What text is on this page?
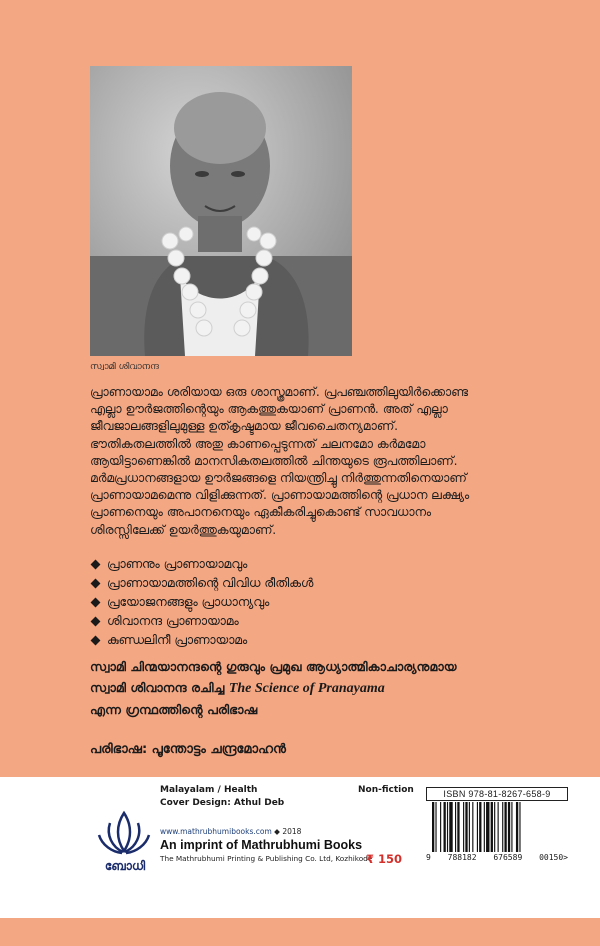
സ്വാമി ശിവാനന്ദ

പ്രാണായാമം ശരിയായ ഒരു ശാസ്ത്രമാണ്. പ്രപഞ്ചത്തിലുയിർക്കൊണ്ട

എല്ലാ ഊർജത്തിന്റെയും ആകത്തുകയാണ് പ്രാണൻ. അത് എല്ലാ

ജീവജാലങ്ങളിലുമുള്ള ഉത്കൃഷ്ടമായ ജീവചൈതന്യമാണ്.

ഭൗതികതലത്തിൽ അതു കാണപ്പെടുന്നത് ചലനമോ കർമമോ

ആയിട്ടാണെങ്കിൽ മാനസികതലത്തിൽ ചിന്തയുടെ രൂപത്തിലാണ്.

മർമപ്രധാനങ്ങളായ ഊർജങ്ങളെ നിയന്ത്രിച്ചു നിർത്തുന്നതിനെയാണ്

പ്രാണായാമമെന്നു വിളിക്കുന്നത്. പ്രാണായാമത്തിന്റെ പ്രധാന ലക്ഷ്യം

പ്രാണനെയും അപാനനെയും ഏകീകരിച്ചുകൊണ്ട് സാവധാനം

ശിരസ്സിലേക്ക് ഉയർത്തുകയുമാണ്.

പ്രാണനും പ്രാണായാമവും
പ്രാണായാമത്തിന്റെ വിവിധ രീതികൾ
പ്രയോജനങ്ങളും പ്രാധാന്യവും
ശിവാനന്ദ പ്രാണായാമം
കുണ്ഡലിനീ പ്രാണായാമം

സ്വാമി ചിന്മയാനന്ദന്റെ ഗുരുവും പ്രമുഖ ആധ്യാത്മികാചാര്യനുമായ

സ്വാമി ശിവാനന്ദ രചിച്ച The Science of Pranayama

എന്ന ഗ്രന്ഥത്തിന്റെ പരിഭാഷ

പരിഭാഷ: പൂന്തോട്ടം ചന്ദ്രമോഹൻ
Malayalam / Health
Cover Design: Athul Deb
Non-fiction
ബോധി
www.mathrubhumibooks.com ◆ 2018
An imprint of Mathrubhumi Books
The Mathrubhumi Printing & Publishing Co. Ltd, Kozhikode
₹ 150
ISBN 978-81-8267-658-9
9 788182 676589 00150>
